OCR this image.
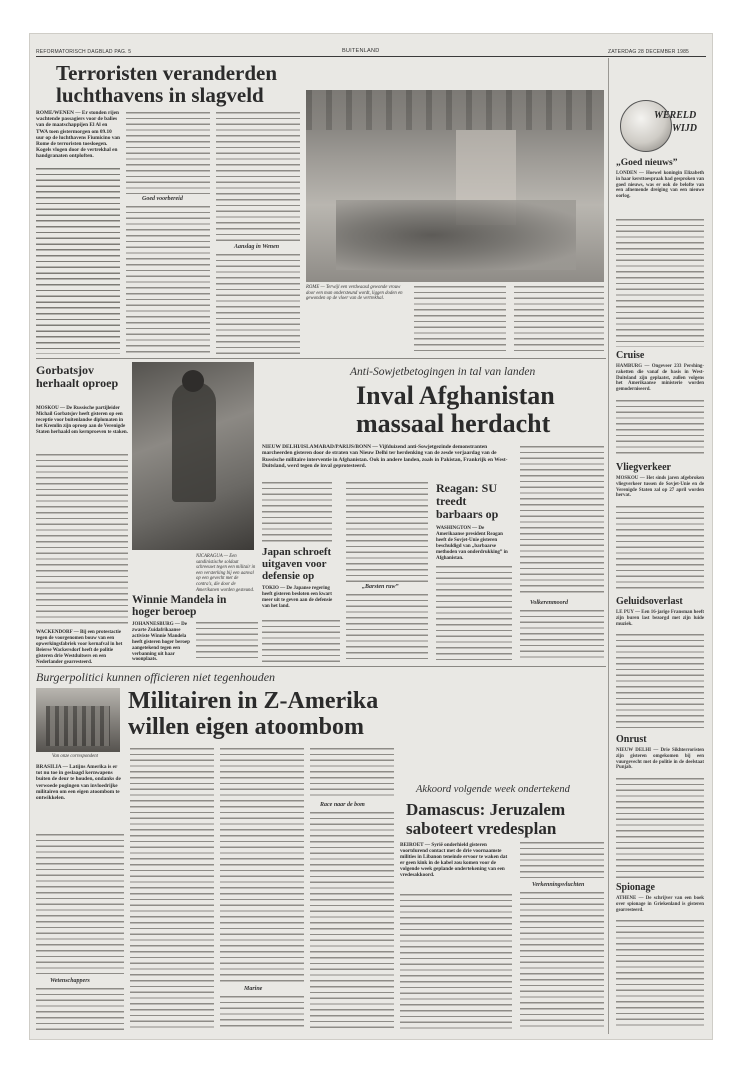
REFORMATORISCH DAGBLAD PAG. 5	BUITENLAND	ZATERDAG 28 DECEMBER 1985
Terroristen veranderden
luchthavens in slagveld
ROME/WENEN — Er stonden rijen wachtende passagiers voor de balies van de maatschappijen El Al en TWA toen gistermorgen om 09.10 uur op de luchthavens Fiumicino van Rome de terroristen toesloegen. Kogels vlogen door de vertrekhal en handgranaten ontploften.
Goed voorbereid
Aanslag in Wenen
ROME — Terwijl een verdwaasd gewonde vrouw door een man ondersteund wordt, liggen doden en gewonden op de vloer van de vertrekhal.
WERELD
WIJD
„Goed nieuws”
LONDEN — Hoewel koningin Elizabeth in haar kersttoespraak had gesproken van goed nieuws, was er ook de belofte van een afnemende dreiging van een nieuwe oorlog.
Cruise
HAMBURG — Ongeveer 233 Pershing-raketten die vanaf de basis in West-Duitsland zijn geplaatst, zullen volgens het Amerikaanse ministerie worden gemoderniseerd.
Vliegverkeer
MOSKOU — Het sinds jaren afgebroken vliegverkeer tussen de Sovjet-Unie en de Verenigde Staten zal op 27 april worden hervat.
Geluidsoverlast
LE PUY — Een 16-jarige Fransman heeft zijn buren last bezorgd met zijn luide muziek.
Onrust
NIEUW DELHI — Drie Sikhterroristen zijn gisteren omgekomen bij een vuurgevecht met de politie in de deelstaat Punjab.
Spionage
ATHENE — De schrijver van een boek over spionage in Griekenland is gisteren gearresteerd.
Gorbatsjov herhaalt oproep
MOSKOU — De Russische partijleider Michail Gorbatsjov heeft gisteren op een receptie voor buitenlandse diplomaten in het Kremlin zijn oproep aan de Verenigde Staten herhaald om kernproeven te staken.
WACKENDORF — Bij een protestactie tegen de voorgenomen bouw van een opwerkingsfabriek voor kernafval in het Beierse Wackersdorf heeft de politie gisteren drie Westduitsers en een Nederlander gearresteerd.
NICARAGUA — Een sandinistische soldaat schreeuwt tegen een militair in een versterking bij een aanval op een gevecht met de contra's, die door de Amerikanen worden gesteund.
Winnie Mandela in hoger beroep
JOHANNESBURG — De zwarte Zuidafrikaanse activiste Winnie Mandela heeft gisteren hoger beroep aangetekend tegen een verbanning uit haar woonplaats.
Japan schroeft uitgaven voor defensie op
TOKIO — De Japanse regering heeft gisteren besloten een kwart meer uit te geven aan de defensie van het land.
Anti-Sowjetbetogingen in tal van landen
Inval Afghanistan
massaal herdacht
NIEUW DELHI/ISLAMABAD/PARIJS/BONN — Vijfduizend anti-Sowjetgezinde demonstranten marcheerden gisteren door de straten van Nieuw Delhi ter herdenking van de zesde verjaardag van de Russische militaire interventie in Afghanistan. Ook in andere landen, zoals in Pakistan, Frankrijk en West-Duitsland, werd tegen de inval geprotesteerd.
„Barsten ruw”
Reagan: SU treedt barbaars op
WASHINGTON — De Amerikaanse president Reagan heeft de Sovjet-Unie gisteren beschuldigd van „barbaarse methoden van onderdrukking” in Afghanistan.
Volkerenmoord
Burgerpolitici kunnen officieren niet tegenhouden
Van onze correspondent
Militairen in Z-Amerika
willen eigen atoombom
BRASILIA — Latijns Amerika is er tot nu toe in geslaagd kernwapens buiten de deur te houden, ondanks de verwoede pogingen van invloedrijke militairen om een eigen atoombom te ontwikkelen.
Wetenschappers
Marine
Race naar de bom
Akkoord volgende week ondertekend
Damascus: Jeruzalem saboteert vredesplan
BEIROET — Syrië onderhield gisteren voortdurend contact met de drie voornaamste milities in Libanon teneinde ervoor te waken dat er geen kink in de kabel zou komen voor de volgende week geplande ondertekening van een vredesakkoord.
Verkenningsvluchten
